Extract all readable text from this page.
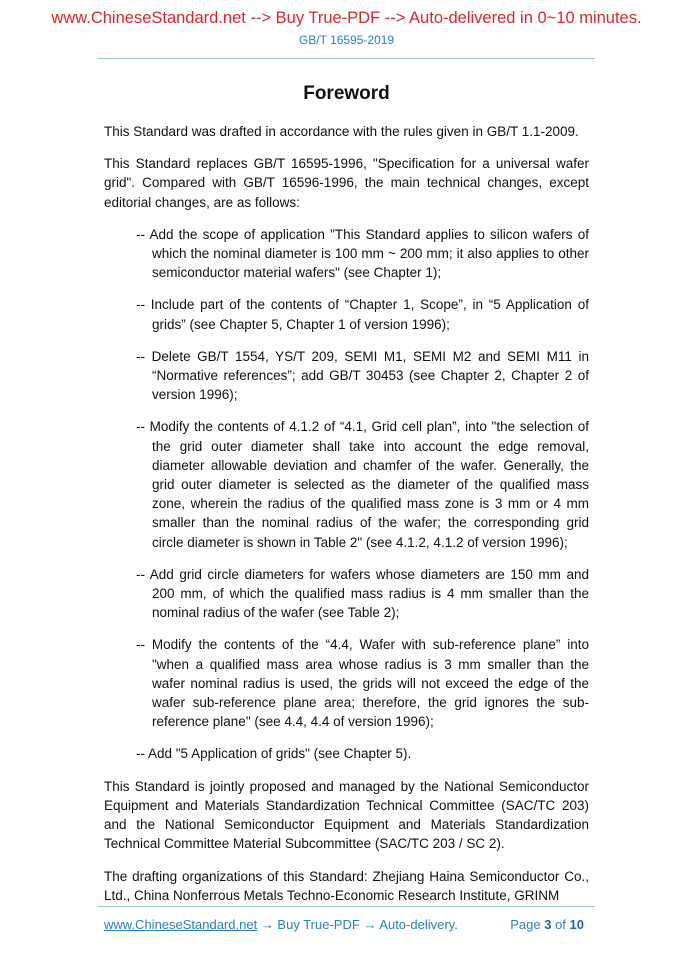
www.ChineseStandard.net --> Buy True-PDF --> Auto-delivered in 0~10 minutes.
GB/T 16595-2019
Foreword
This Standard was drafted in accordance with the rules given in GB/T 1.1-2009.
This Standard replaces GB/T 16595-1996, "Specification for a universal wafer grid". Compared with GB/T 16596-1996, the main technical changes, except editorial changes, are as follows:
-- Add the scope of application "This Standard applies to silicon wafers of which the nominal diameter is 100 mm ~ 200 mm; it also applies to other semiconductor material wafers" (see Chapter 1);
-- Include part of the contents of “Chapter 1, Scope”, in “5 Application of grids” (see Chapter 5, Chapter 1 of version 1996);
-- Delete GB/T 1554, YS/T 209, SEMI M1, SEMI M2 and SEMI M11 in “Normative references”; add GB/T 30453 (see Chapter 2, Chapter 2 of version 1996);
-- Modify the contents of 4.1.2 of “4.1, Grid cell plan”, into "the selection of the grid outer diameter shall take into account the edge removal, diameter allowable deviation and chamfer of the wafer. Generally, the grid outer diameter is selected as the diameter of the qualified mass zone, wherein the radius of the qualified mass zone is 3 mm or 4 mm smaller than the nominal radius of the wafer; the corresponding grid circle diameter is shown in Table 2" (see 4.1.2, 4.1.2 of version 1996);
-- Add grid circle diameters for wafers whose diameters are 150 mm and 200 mm, of which the qualified mass radius is 4 mm smaller than the nominal radius of the wafer (see Table 2);
-- Modify the contents of the “4.4, Wafer with sub-reference plane” into "when a qualified mass area whose radius is 3 mm smaller than the wafer nominal radius is used, the grids will not exceed the edge of the wafer sub-reference plane area; therefore, the grid ignores the sub-reference plane" (see 4.4, 4.4 of version 1996);
-- Add "5 Application of grids" (see Chapter 5).
This Standard is jointly proposed and managed by the National Semiconductor Equipment and Materials Standardization Technical Committee (SAC/TC 203) and the National Semiconductor Equipment and Materials Standardization Technical Committee Material Subcommittee (SAC/TC 203 / SC 2).
The drafting organizations of this Standard: Zhejiang Haina Semiconductor Co., Ltd., China Nonferrous Metals Techno-Economic Research Institute, GRINM
www.ChineseStandard.net → Buy True-PDF → Auto-delivery.	Page 3 of 10
